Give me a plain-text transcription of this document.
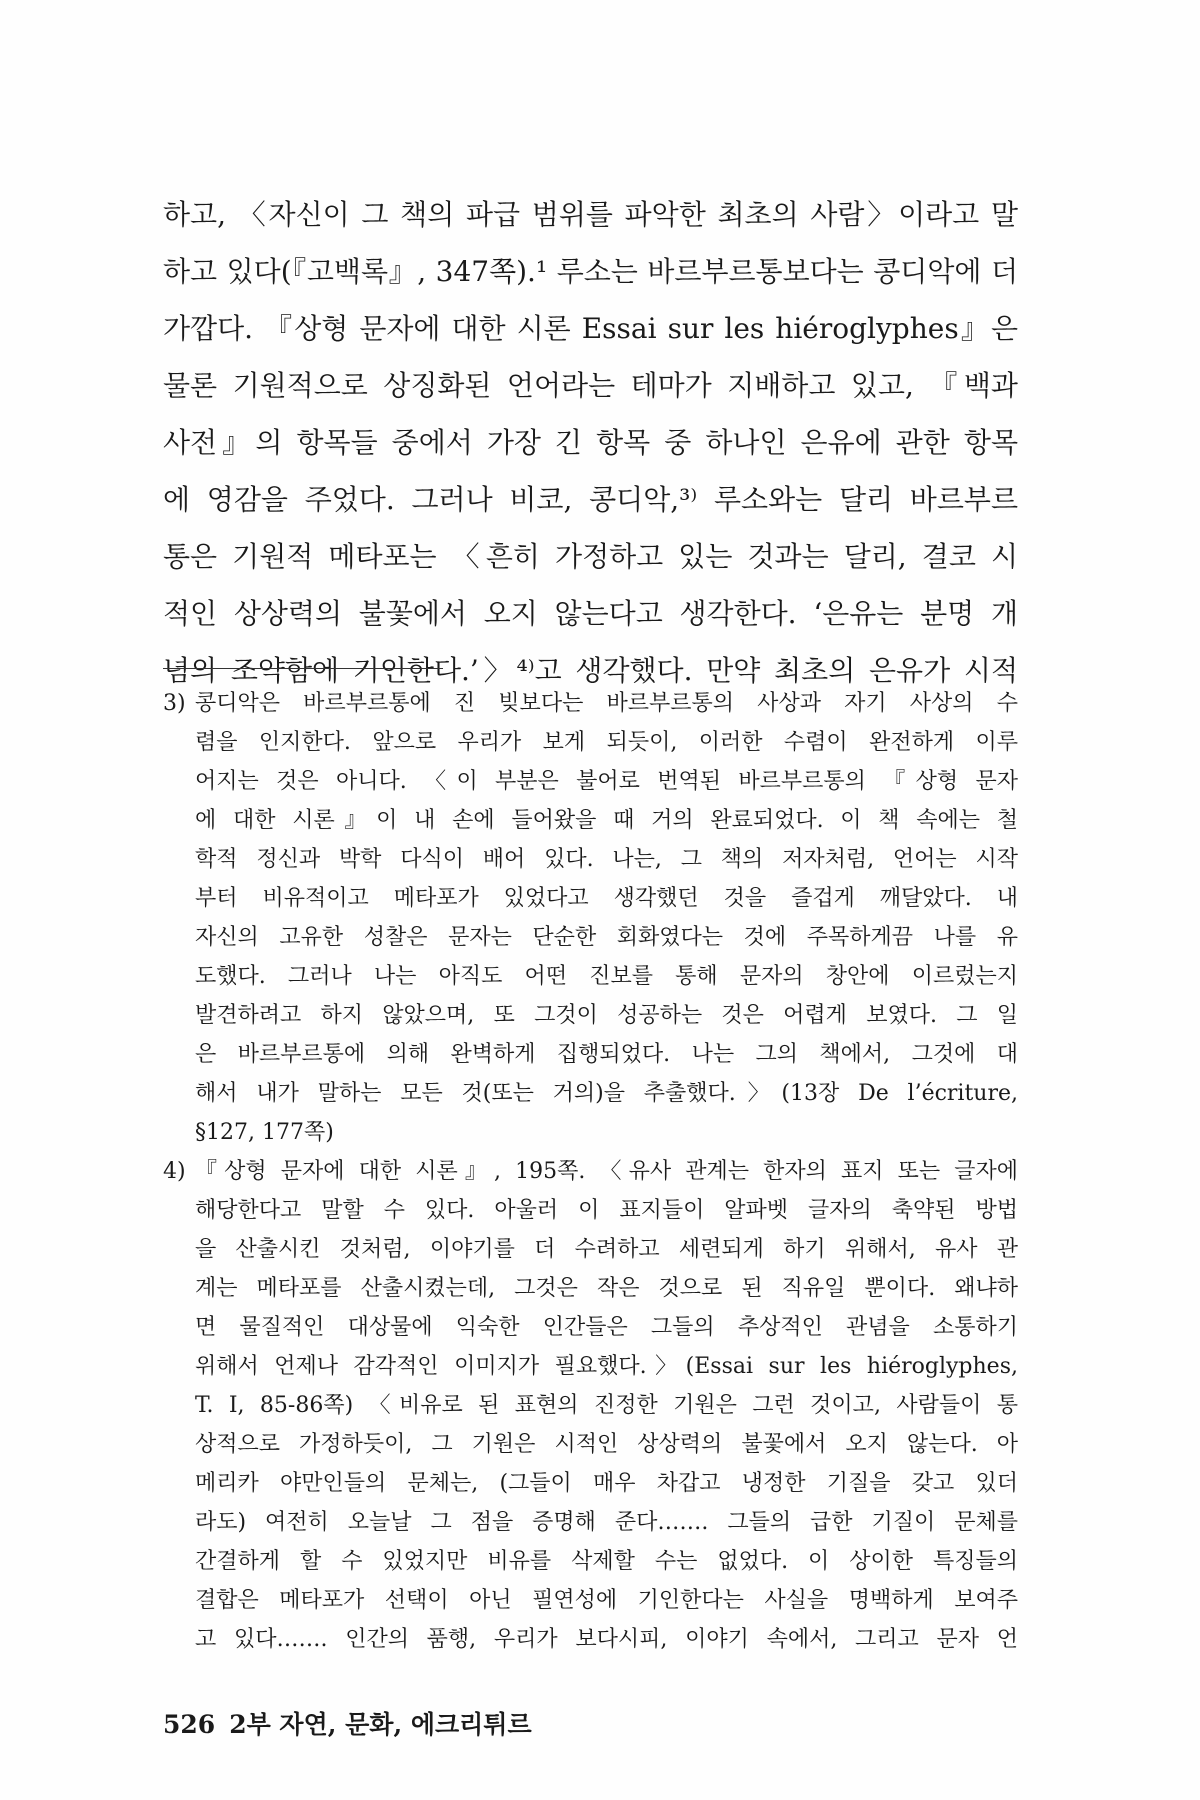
하고, 〈자신이 그 책의 파급 범위를 파악한 최초의 사람〉이라고 말
하고 있다(『고백록』, 347쪽).¹ 루소는 바르부르통보다는 콩디악에 더
가깝다. 『상형 문자에 대한 시론 Essai sur les hiéroglyphes』은
물론 기원적으로 상징화된 언어라는 테마가 지배하고 있고, 『백과
사전』의 항목들 중에서 가장 긴 항목 중 하나인 은유에 관한 항목
에 영감을 주었다. 그러나 비코, 콩디악,³⁾ 루소와는 달리 바르부르
통은 기원적 메타포는 〈흔히 가정하고 있는 것과는 달리, 결코 시
적인 상상력의 불꽃에서 오지 않는다고 생각한다. ‘은유는 분명 개
념의 조약함에 기인한다.’〉⁴⁾고 생각했다. 만약 최초의 은유가 시적
3) 콩디악은 바르부르통에 진 빚보다는 바르부르통의 사상과 자기 사상의 수
렴을 인지한다. 앞으로 우리가 보게 되듯이, 이러한 수렴이 완전하게 이루
어지는 것은 아니다. 〈이 부분은 불어로 번역된 바르부르통의 『상형 문자
에 대한 시론』이 내 손에 들어왔을 때 거의 완료되었다. 이 책 속에는 철
학적 정신과 박학 다식이 배어 있다. 나는, 그 책의 저자처럼, 언어는 시작
부터 비유적이고 메타포가 있었다고 생각했던 것을 즐겁게 깨달았다. 내
자신의 고유한 성찰은 문자는 단순한 회화였다는 것에 주목하게끔 나를 유
도했다. 그러나 나는 아직도 어떤 진보를 통해 문자의 창안에 이르렀는지
발견하려고 하지 않았으며, 또 그것이 성공하는 것은 어렵게 보였다. 그 일
은 바르부르통에 의해 완벽하게 집행되었다. 나는 그의 책에서, 그것에 대
해서 내가 말하는 모든 것(또는 거의)을 추출했다.〉(13장 De l’écriture,
§127, 177쪽)
4) 『상형 문자에 대한 시론』, 195쪽. 〈유사 관계는 한자의 표지 또는 글자에
해당한다고 말할 수 있다. 아울러 이 표지들이 알파벳 글자의 축약된 방법
을 산출시킨 것처럼, 이야기를 더 수려하고 세련되게 하기 위해서, 유사 관
계는 메타포를 산출시켰는데, 그것은 작은 것으로 된 직유일 뿐이다. 왜냐하
면 물질적인 대상물에 익숙한 인간들은 그들의 추상적인 관념을 소통하기
위해서 언제나 감각적인 이미지가 필요했다.〉(Essai sur les hiéroglyphes,
T. I, 85-86쪽) 〈비유로 된 표현의 진정한 기원은 그런 것이고, 사람들이 통
상적으로 가정하듯이, 그 기원은 시적인 상상력의 불꽃에서 오지 않는다. 아
메리카 야만인들의 문체는, (그들이 매우 차갑고 냉정한 기질을 갖고 있더
라도) 여전히 오늘날 그 점을 증명해 준다……. 그들의 급한 기질이 문체를
간결하게 할 수 있었지만 비유를 삭제할 수는 없었다. 이 상이한 특징들의
결합은 메타포가 선택이 아닌 필연성에 기인한다는 사실을 명백하게 보여주
고 있다……. 인간의 품행, 우리가 보다시피, 이야기 속에서, 그리고 문자 언
526 2부 자연, 문화, 에크리튀르
